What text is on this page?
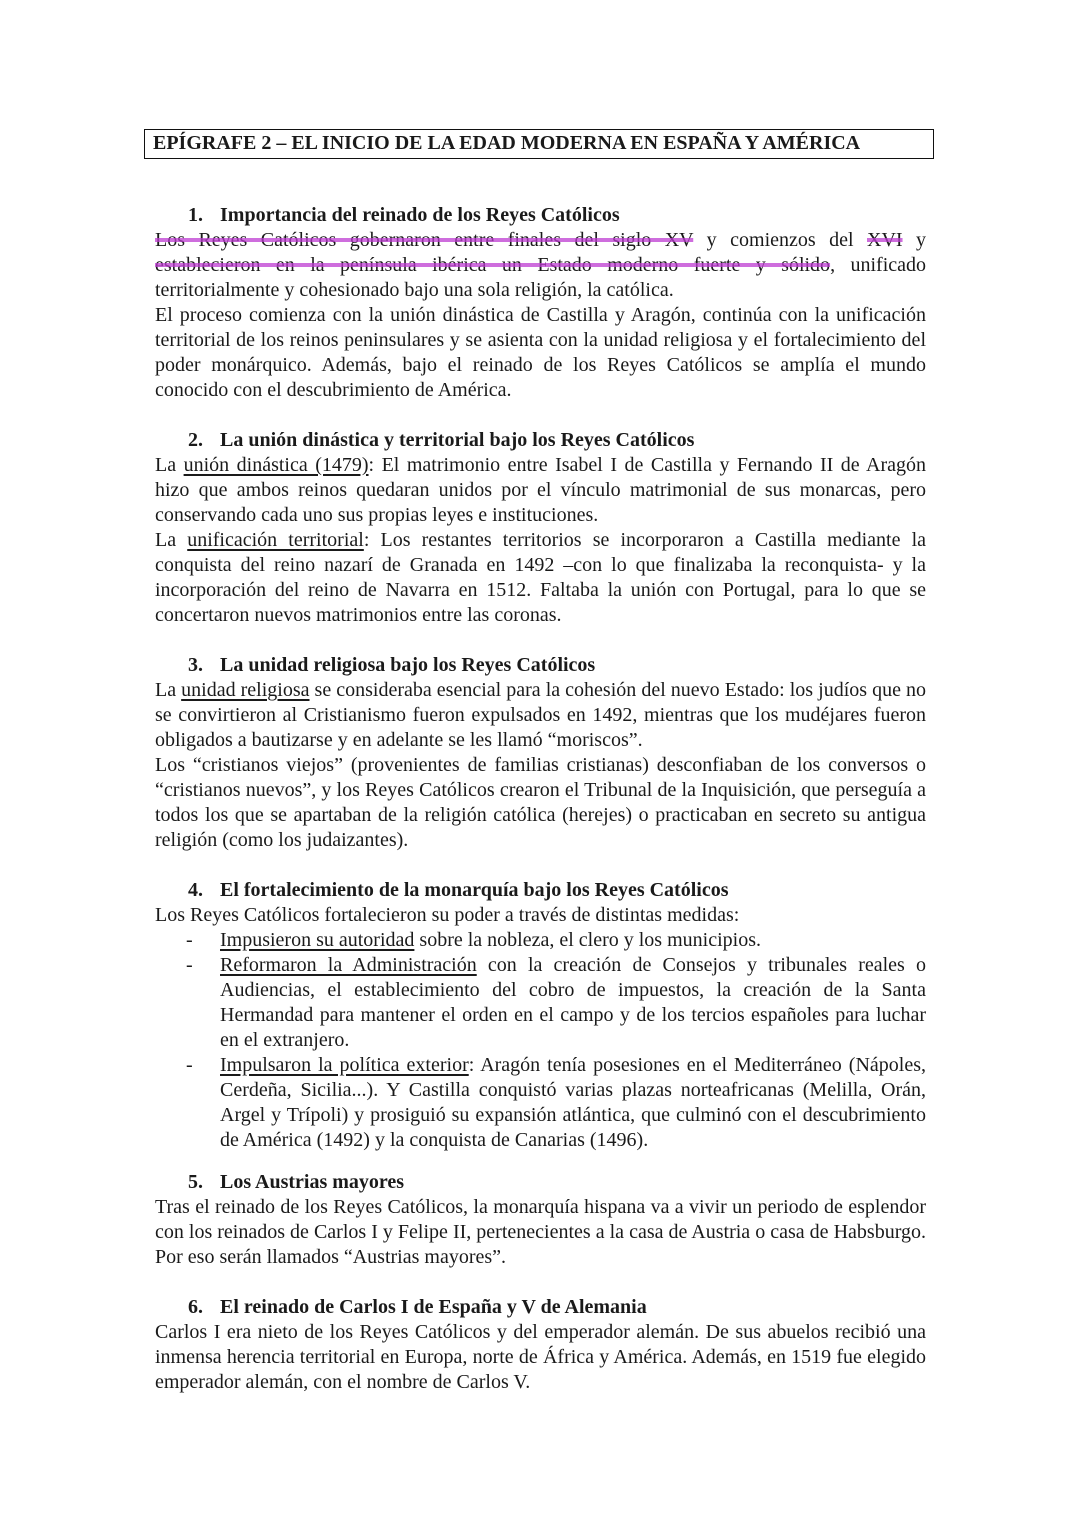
EPÍGRAFE 2 – EL INICIO DE LA EDAD MODERNA EN ESPAÑA Y AMÉRICA
1. Importancia del reinado de los Reyes Católicos

Los Reyes Católicos gobernaron entre finales del siglo XV y comienzos del XVI y establecieron en la península ibérica un Estado moderno fuerte y sólido, unificado territorialmente y cohesionado bajo una sola religión, la católica.

El proceso comienza con la unión dinástica de Castilla y Aragón, continúa con la unificación territorial de los reinos peninsulares y se asienta con la unidad religiosa y el fortalecimiento del poder monárquico. Además, bajo el reinado de los Reyes Católicos se amplía el mundo conocido con el descubrimiento de América.

2. La unión dinástica y territorial bajo los Reyes Católicos

La unión dinástica (1479): El matrimonio entre Isabel I de Castilla y Fernando II de Aragón hizo que ambos reinos quedaran unidos por el vínculo matrimonial de sus monarcas, pero conservando cada uno sus propias leyes e instituciones.

La unificación territorial: Los restantes territorios se incorporaron a Castilla mediante la conquista del reino nazarí de Granada en 1492 –con lo que finalizaba la reconquista- y la incorporación del reino de Navarra en 1512. Faltaba la unión con Portugal, para lo que se concertaron nuevos matrimonios entre las coronas.

3. La unidad religiosa bajo los Reyes Católicos

La unidad religiosa se consideraba esencial para la cohesión del nuevo Estado: los judíos que no se convirtieron al Cristianismo fueron expulsados en 1492, mientras que los mudéjares fueron obligados a bautizarse y en adelante se les llamó “moriscos”.

Los “cristianos viejos” (provenientes de familias cristianas) desconfiaban de los conversos o “cristianos nuevos”, y los Reyes Católicos crearon el Tribunal de la Inquisición, que perseguía a todos los que se apartaban de la religión católica (herejes) o practicaban en secreto su antigua religión (como los judaizantes).

4. El fortalecimiento de la monarquía bajo los Reyes Católicos

Los Reyes Católicos fortalecieron su poder a través de distintas medidas:

- Impusieron su autoridad sobre la nobleza, el clero y los municipios.

- Reformaron la Administración con la creación de Consejos y tribunales reales o Audiencias, el establecimiento del cobro de impuestos, la creación de la Santa Hermandad para mantener el orden en el campo y de los tercios españoles para luchar en el extranjero.

- Impulsaron la política exterior: Aragón tenía posesiones en el Mediterráneo (Nápoles, Cerdeña, Sicilia...). Y Castilla conquistó varias plazas norteafricanas (Melilla, Orán, Argel y Trípoli) y prosiguió su expansión atlántica, que culminó con el descubrimiento de América (1492) y la conquista de Canarias (1496).

5. Los Austrias mayores

Tras el reinado de los Reyes Católicos, la monarquía hispana va a vivir un periodo de esplendor con los reinados de Carlos I y Felipe II, pertenecientes a la casa de Austria o casa de Habsburgo. Por eso serán llamados “Austrias mayores”.

6. El reinado de Carlos I de España y V de Alemania

Carlos I era nieto de los Reyes Católicos y del emperador alemán. De sus abuelos recibió una inmensa herencia territorial en Europa, norte de África y América. Además, en 1519 fue elegido emperador alemán, con el nombre de Carlos V.
